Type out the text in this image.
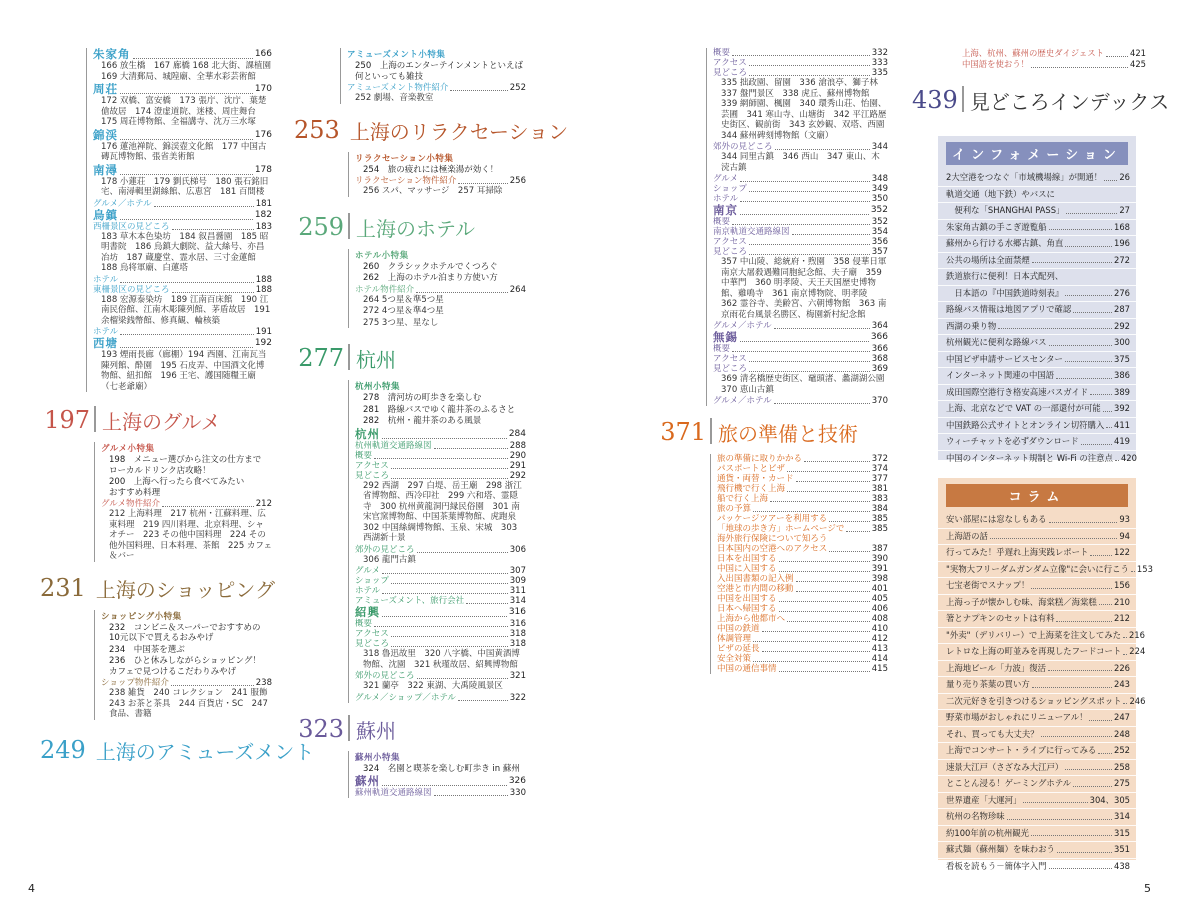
4	5
朱家角	166
166 放生橋　167 廊橋 168 北大街、課植園　169 大清郵局、城隍廟、全華水彩芸術館
周荘	170
172 双橋、富安橋　173 張庁、沈庁、葉楚傖故居　174 澄虚道院、迷楼、周庄舞台　175 周荘博物館、全福講寺、沈万三水塚
錦渓	176
176 蓮池禅院、錦渓壺文化館　177 中国古磚瓦博物館、張省美術館
南潯	178
178 小蓮荘　179 劉氏梯号　180 張石銘旧宅、南潯輯里湖絲館、広恵宮　181 百間楼
グルメ／ホテル	181
烏鎮	182
西柵景区の見どころ	183
183 草木本色染坊　184 叙昌醤園　185 昭明書院　186 烏鎮大劇院、益大絲号、亦昌冶坊　187 蔵慶堂、霊水居、三寸金蓮館　188 烏将軍廟、白蓮塔
ホテル	188
東柵景区の見どころ	188
188 宏源泰染坊　189 江南百床館　190 江南民俗館、江南木彫陳列館、茅盾故居　191 余榴梁銭幣館、修真観、輪核築
ホテル	191
西塘	192
193 煙雨長廊（廊棚）194 西園、江南瓦当陳列館、酔園　195 石皮弄、中国酒文化博物館、紐扣館　196 王宅、護国随糧王廟（七老爺廟）
197 上海のグルメ
グルメ小特集
198　メニュー選びから注文の仕方まで　　　ローカルドリンク店攻略！
200　上海へ行ったら食べてみたい　　　おすすめ料理
グルメ物件紹介	212
212 上海料理　217 杭州・江蘇料理、広東料理　219 四川料理、北京料理、シャオチー　223 その他中国料理　224 その他外国料理、日本料理、茶館　225 カフェ＆バー
231 上海のショッピング
ショッピング小特集
232　コンビニ＆スーパーでおすすめの　　　10元以下で買えるおみやげ
234　中国茶を選ぶ
236　ひと休みしながらショッピング！　　　カフェで見つけるこだわりみやげ
ショップ物件紹介	238
238 雑貨　240 コレクション　241 服飾　243 お茶と茶具　244 百貨店・SC　247 食品、書籍
249 上海のアミューズメント
アミューズメント小特集
250　上海のエンターテインメントといえば何といっても雑技
アミューズメント物件紹介	252
252 劇場、音楽教室
253 上海のリラクセーション
リラクセーション小特集
254　旅の疲れには極楽湯が効く！
リラクセーション物件紹介	256
256 スパ、マッサージ　257 耳掃除
259 上海のホテル
ホテル小特集
260　クラシックホテルでくつろぐ
262　上海のホテル泊まり方使い方
ホテル物件紹介	264
264 5つ星＆準5つ星
272 4つ星＆準4つ星
275 3つ星、星なし
277 杭州
杭州小特集
278　清河坊の町歩きを楽しむ
281　路線バスでゆく龍井茶のふるさと
282　杭州・龍井茶のある風景
杭州	284
杭州軌道交通路線図	288
概要	290
アクセス	291
見どころ	292
292 西湖　297 白堤、岳王廟　298 浙江省博物館、西冷印社　299 六和塔、霊隠寺　300 杭州黄龍洞円縁民俗園　301 南宋官窯博物館、中国茶葉博物館、虎跑泉　302 中国絲綢博物館、玉泉、宋城　303 西湖新十景
郊外の見どころ	306
306 龍門古鎮
グルメ	307
ショップ	309
ホテル	311
アミューズメント、旅行会社	314
紹興	316
概要	316
アクセス	318
見どころ	318
318 魯迅故里　320 八字橋、中国黄酒博物館、沈園　321 秋瑾故居、紹興博物館
郊外の見どころ	321
321 蘭亭　322 東湖、大禹陵風景区
グルメ／ショップ／ホテル	322
323 蘇州
蘇州小特集
324　名園と喫茶を楽しむ町歩き in 蘇州
蘇州	326
蘇州軌道交通路線図	330
概要	332
アクセス	333
見どころ	335
335 拙政園、留園　336 滄浪亭、獅子林　337 盤門景区　338 虎丘、蘇州博物館　339 網師園、楓園　340 環秀山荘、怡園、芸圃　341 寒山寺、山塘街　342 平江路歴史街区、観前街　343 玄妙観、双塔、西園　344 蘇州碑刻博物館（文廟）
郊外の見どころ	344
344 同里古鎮　346 西山　347 東山、木涜古鎮
グルメ	348
ショップ	349
ホテル	350
南京	352
概要	352
南京軌道交通路線図	354
アクセス	356
見どころ	357
357 中山陵、総統府・煦園　358 侵華日軍南京大屠殺遇難同胞紀念館、夫子廟　359 中華門　360 明孝陵、天王天国歴史博物館、雞鳴寺　361 南京博物院、明孝陵　362 霊谷寺、美齢宮、六朝博物館　363 南京雨花台風景名勝区、梅園新村紀念館
グルメ／ホテル	364
無錫	366
概要	366
アクセス	368
見どころ	369
369 清名橋歴史街区、黿頭渚、蠡湖湖公園　370 恵山古鎮
グルメ／ホテル	370
371 旅の準備と技術
旅の準備に取りかかる	372
パスポートとビザ	374
通貨・両替・カード	377
飛行機で行く上海	381
船で行く上海	383
旅の予算	384
パッケージツアーを利用する	385
「地球の歩き方」ホームページで	385
海外旅行保険について知ろう
日本国内の空港へのアクセス	387
日本を出国する	390
中国に入国する	391
入出国書類の記入例	398
空港と市内間の移動	401
中国を出国する	405
日本へ帰国する	406
上海から他都市へ	408
中国の鉄道	410
体調管理	412
ビザの延長	413
安全対策	414
中国の通信事情	415
上海、杭州、蘇州の歴史ダイジェスト	421
中国語を使おう！	425
439 見どころインデックス
インフォメーション
2大空港をつなぐ「市域機場線」が開通！ 26
軌道交通（地下鉄）やバスに
　便利な「SHANGHAI PASS」	27
朱家角古鎮の手こぎ遊覧船	168
蘇州から行ける水郷古鎮、角直	196
公共の場所は全面禁煙	272
鉄道旅行に便利！日本式配列、
　日本語の『中国鉄道時刻表』	276
路線バス情報は地図アプリで確認	287
西湖の乗り物	292
杭州観光に便利な路線バス	300
中国ビザ申請サービスセンター	375
インターネット関連の中国語	386
成田国際空港行き格安高速バスガイド	389
上海、北京などで VAT の一部還付が可能 392
中国鉄路公式サイトとオンライン切符購入 411
ウィーチャットを必ずダウンロード	419
中国のインターネット規制と Wi-Fi の注意点 420
コラム
安い部屋には窓なしもある	93
上海語の話	94
行ってみた！乎遅れ上海実践レポート	122
"実物大フリーダムガンダム立像"に会いに行こう 153
七宝老街でスナップ！	156
上海っ子が懐かしむ味、海棠糕／海棠糕 210
箸とナプキンのセットは有料	212
"外卖"（デリバリー）で上海菜を注文してみた 216
レトロな上海の町並みを再現したフードコート 224
上海地ビール「力波」復活	226
量り売り茶葉の買い方	243
二次元好きを引きつけるショッピングスポット 246
野菜市場がおしゃれにリニューアル！	247
それ、買っても大丈夫？	248
上海でコンサート・ライブに行ってみる 252
速景大江戸（さざなみ大江戸）	258
とことん浸る！ゲーミングホテル	275
世界遺産「大運河」	304、305
杭州の名物珍味	314
約100年前の杭州観光	315
蘇式麺（蘇州麺）を味わおう	351
看板を読もう－簡体字入門	438
